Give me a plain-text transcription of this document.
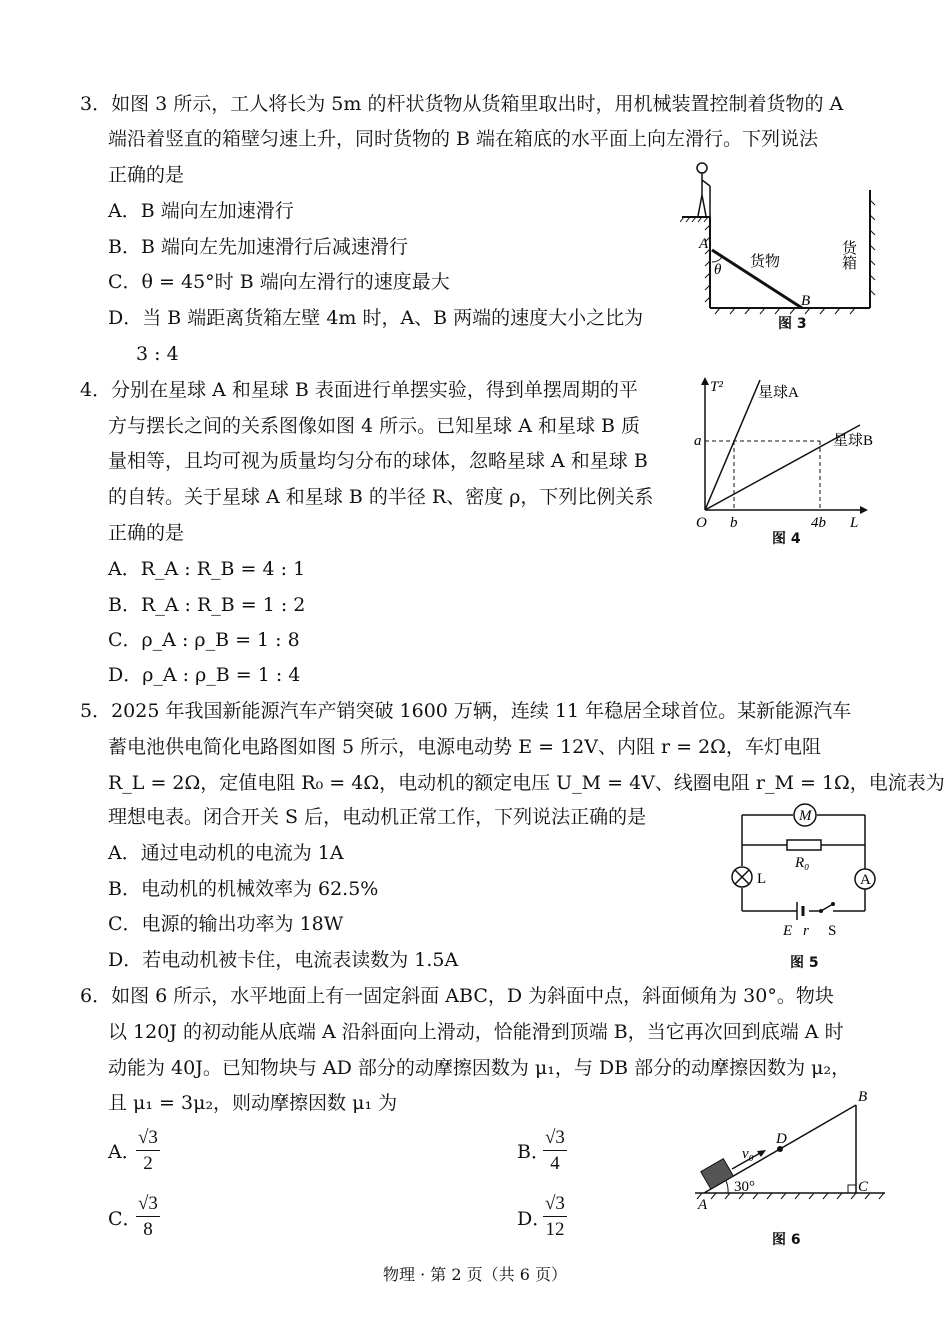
3．如图 3 所示，工人将长为 5m 的杆状货物从货箱里取出时，用机械装置控制着货物的 A
端沿着竖直的箱壁匀速上升，同时货物的 B 端在箱底的水平面上向左滑行。下列说法
正确的是
A．B 端向左加速滑行
B．B 端向左先加速滑行后减速滑行
C．θ = 45°时 B 端向左滑行的速度最大
D．当 B 端距离货箱左壁 4m 时，A、B 两端的速度大小之比为
3 : 4
A
θ 货物
B
货箱
图 3
4．分别在星球 A 和星球 B 表面进行单摆实验，得到单摆周期的平
方与摆长之间的关系图像如图 4 所示。已知星球 A 和星球 B 质
量相等，且均可视为质量均匀分布的球体，忽略星球 A 和星球 B
的自转。关于星球 A 和星球 B 的半径 R、密度 ρ，下列比例关系
正确的是
A．R_A : R_B = 4 : 1
B．R_A : R_B = 1 : 2
C．ρ_A : ρ_B = 1 : 8
D．ρ_A : ρ_B = 1 : 4
T²
L
O
a
b	4b
星球A
星球B
图 4
5．2025 年我国新能源汽车产销突破 1600 万辆，连续 11 年稳居全球首位。某新能源汽车
蓄电池供电简化电路图如图 5 所示，电源电动势 E = 12V、内阻 r = 2Ω，车灯电阻
R_L = 2Ω，定值电阻 R₀ = 4Ω，电动机的额定电压 U_M = 4V、线圈电阻 r_M = 1Ω，电流表为
理想电表。闭合开关 S 后，电动机正常工作，下列说法正确的是
A．通过电动机的电流为 1A
B．电动机的机械效率为 62.5%
C．电源的输出功率为 18W
D．若电动机被卡住，电流表读数为 1.5A
M
R₀
L	A
E r S
图 5
6．如图 6 所示，水平地面上有一固定斜面 ABC，D 为斜面中点，斜面倾角为 30°。物块
以 120J 的初动能从底端 A 沿斜面向上滑动，恰能滑到顶端 B，当它再次回到底端 A 时
动能为 40J。已知物块与 AD 部分的动摩擦因数为 μ₁，与 DB 部分的动摩擦因数为 μ₂，
且 μ₁ = 3μ₂，则动摩擦因数 μ₁ 为
A．
$\frac{√3}{2}$	B．
$\frac{√3}{4}$
C．
$\frac{√3}{8}$	D．
$\frac{√3}{12}$	A
B
C
D
v₀
30°
图 6
物理 · 第 2 页（共 6 页）
